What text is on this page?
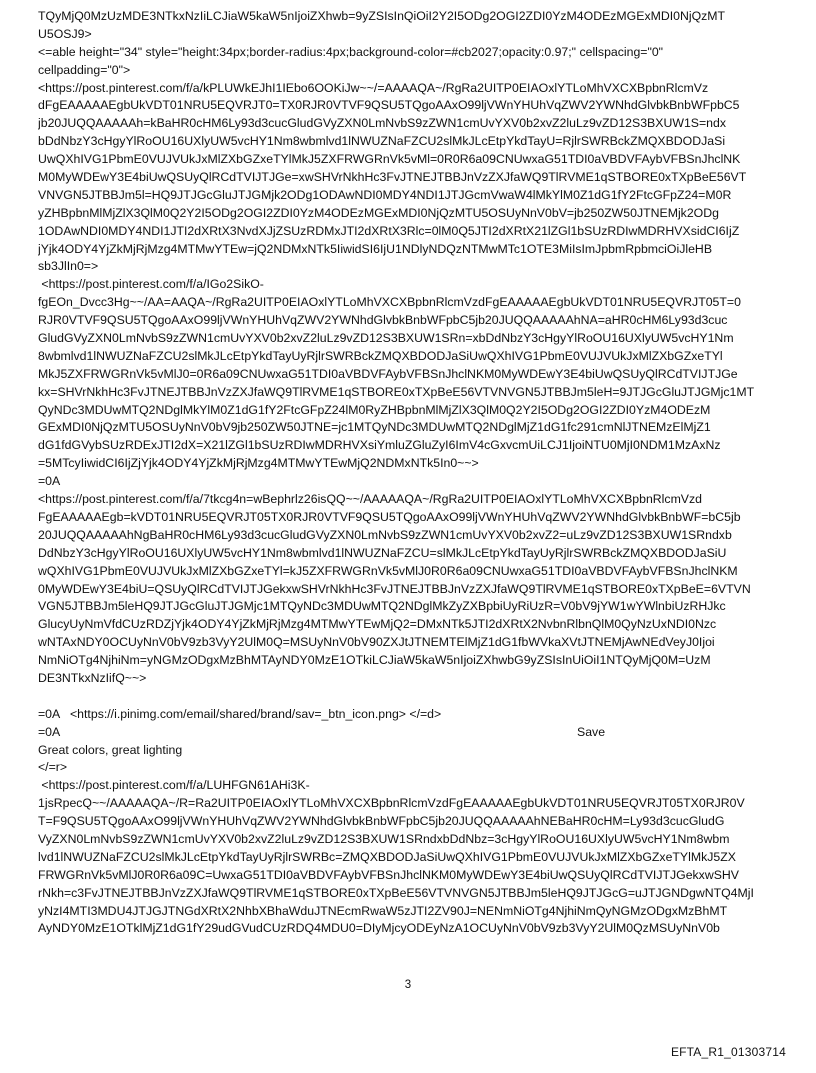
TQyMjQ0MzUzMDE3NTkxNzIiLCJiaW5kaW5nIjoiZXhwb=9yZSIsInQiOiI2Y2I5ODg2OGI2ZDI0YzM4ODEzMGExMDI0NjQzMT
U5OSJ9>
<=able height="34" style="height:34px;border-radius:4px;background-color=#cb2027;opacity:0.97;" cellspacing="0"
cellpadding="0">
<https://post.pinterest.com/f/a/kPLUWkEJhI1IEbo6OOKiJw~~/=AAAAQA~/RgRa2UITP0EIAOxlYTLoMhVXCXBpbnRlcmVz
dFgEAAAAAEgbUkVDT01NRU5EQVRJT0=TX0RJR0VTVF9QSU5TQgoAAxO99ljVWnYHUhVqZWV2YWNhdGlvbkBnbWFpbC5
jb20JUQQAAAAAh=kBaHR0cHM6Ly93d3cucGludGVyZXN0LmNvbS9zZWN1cmUvYXV0b2xvZ2luLz9vZD12S3BXUW1S=ndx
bDdNbzY3cHgyYlRoOU16UXlyUW5vcHY1Nm8wbmlvd1lNWUZNaFZCU2slMkJLcEtpYkdTayU=RjlrSWRBckZMQXBDODJaSi
UwQXhIVG1PbmE0VUJVUkJxMlZXbGZxeTYlMkJ5ZXFRWGRnVk5vMl=0R0R6a09CNUwxaG51TDI0aVBDVFAybVFBSnJhclNK
M0MyWDEwY3E4biUwQSUyQlRCdTVIJTJGe=xwSHVrNkhHc3FvJTNEJTBBJnVzZXJfaWQ9TlRVME1qSTBORE0xTXpBeE56VT
VNVGN5JTBBJm5l=HQ9JTJGcGluJTJGMjk2ODg1ODAwNDI0MDY4NDI1JTJGcmVwaW4lMkYlM0Z1dG1fY2FtcGFpZ24=M0R
yZHBpbnMlMjZlX3QlM0Q2Y2I5ODg2OGI2ZDI0YzM4ODEzMGExMDI0NjQzMTU5OSUyNnV0bV=jb250ZW50JTNEMjk2ODg
1ODAwNDI0MDY4NDI1JTI2dXRtX3NvdXJjZSUzRDMxJTI2dXRtX3Rlc=0lM0Q5JTI2dXRtX21lZGl1bSUzRDIwMDRHVXsidCI6IjZ
jYjk4ODY4YjZkMjRjMzg4MTMwYTEw=jQ2NDMxNTk5IiwidSI6IjU1NDlyNDQzNTMwMTc1OTE3MiIsImJpbmRpbmciOiJleHB
sb3JlIn0=>
<https://post.pinterest.com/f/a/IGo2SikO-
fgEOn_Dvcc3Hg~~/AA=AAQA~/RgRa2UITP0EIAOxlYTLoMhVXCXBpbnRlcmVzdFgEAAAAAEgbUkVDT01NRU5EQVRJT05T=0
RJR0VTVF9QSU5TQgoAAxO99ljVWnYHUhVqZWV2YWNhdGlvbkBnbWFpbC5jb20JUQQAAAAAhNA=aHR0cHM6Ly93d3cuc
GludGVyZXN0LmNvbS9zZWN1cmUvYXV0b2xvZ2luLz9vZD12S3BXUW1SRn=xbDdNbzY3cHgyYlRoOU16UXlyUW5vcHY1Nm
8wbmlvd1lNWUZNaFZCU2slMkJLcEtpYkdTayUyRjlrSWRBckZMQXBDODJaSiUwQXhIVG1PbmE0VUJVUkJxMlZXbGZxeTYl
MkJ5ZXFRWGRnVk5vMlJ0=0R6a09CNUwxaG51TDI0aVBDVFAybVFBSnJhclNKM0MyWDEwY3E4biUwQSUyQlRCdTVIJTJGe
kx=SHVrNkhHc3FvJTNEJTBBJnVzZXJfaWQ9TlRVME1qSTBORE0xTXpBeE56VTVNVGN5JTBBJm5leH=9JTJGcGluJTJGMjc1MT
QyNDc3MDUwMTQ2NDglMkYlM0Z1dG1fY2FtcGFpZ24lM0RyZHBpbnMlMjZlX3QlM0Q2Y2I5ODg2OGI2ZDI0YzM4ODEzM
GExMDI0NjQzMTU5OSUyNnV0bV9jb250ZW50JTNE=jc1MTQyNDc3MDUwMTQ2NDglMjZ1dG1fc291cmNlJTNEMzElMjZ1
dG1fdGVybSUzRDExJTI2dX=X21lZGl1bSUzRDIwMDRHVXsiYmluZGluZyI6ImV4cGxvcmUiLCJ1IjoiNTU0MjI0NDM1MzAxNz
=5MTcyIiwidCI6IjZjYjk4ODY4YjZkMjRjMzg4MTMwYTEwMjQ2NDMxNTk5In0~~>
=0A
<https://post.pinterest.com/f/a/7tkcg4n=wBephrlz26isQQ~~/AAAAAQA~/RgRa2UITP0EIAOxlYTLoMhVXCXBpbnRlcmVzd
FgEAAAAAEgb=kVDT01NRU5EQVRJT05TX0RJR0VTVF9QSU5TQgoAAxO99ljVWnYHUhVqZWV2YWNhdGlvbkBnbWF=bC5jb
20JUQQAAAAAhNgBaHR0cHM6Ly93d3cucGludGVyZXN0LmNvbS9zZWN1cmUvYXV0b2xvZ2=uLz9vZD12S3BXUW1SRndxb
DdNbzY3cHgyYlRoOU16UXlyUW5vcHY1Nm8wbmlvd1lNWUZNaFZCU=slMkJLcEtpYkdTayUyRjlrSWRBckZMQXBDODJaSiU
wQXhIVG1PbmE0VUJVUkJxMlZXbGZxeTYl=kJ5ZXFRWGRnVk5vMlJ0R0R6a09CNUwxaG51TDI0aVBDVFAybVFBSnJhclNKM
0MyWDEwY3E4biU=QSUyQlRCdTVIJTJGekxwSHVrNkhHc3FvJTNEJTBBJnVzZXJfaWQ9TlRVME1qSTBORE0xTXpBeE=6VTVN
VGN5JTBBJm5leHQ9JTJGcGluJTJGMjc1MTQyNDc3MDUwMTQ2NDglMkZyZXBpbiUyRiUzR=V0bV9jYW1wYWlnbiUzRHJkc
GlucyUyNmVfdCUzRDZjYjk4ODY4YjZkMjRjMzg4MTMwYTEwMjQ2=DMxNTk5JTI2dXRtX2NvbnRlbnQlM0QyNzUxNDI0Nzc
wNTAxNDY0OCUyNnV0bV9zb3VyY2UlM0Q=MSUyNnV0bV90ZXJtJTNEMTElMjZ1dG1fbWVkaXVtJTNEMjAwNEdVeyJ0Ijoi
NmNiOTg4NjhiNm=yNGMzODgxMzBhMTAyNDY0MzE1OTkiLCJiaW5kaW5nIjoiZXhwbG9yZSIsInUiOiI1NTQyMjQ0M=UzM
DE3NTkxNzIifQ~~>

<https://i.pinimg.com/email/shared/brand/sav=_btn_icon.png> </=d>

Save

=0A
=0A
Great colors, great lighting
</=r>
<https://post.pinterest.com/f/a/LUHFGN61AHi3K-
1jsRpecQ~~/AAAAAQA~/R=Ra2UITP0EIAOxlYTLoMhVXCXBpbnRlcmVzdFgEAAAAAEgbUkVDT01NRU5EQVRJT05TX0RJR0V
T=F9QSU5TQgoAAxO99ljVWnYHUhVqZWV2YWNhdGlvbkBnbWFpbC5jb20JUQQAAAAAhNEBaHR0cHM=Ly93d3cucGludG
VyZXN0LmNvbS9zZWN1cmUvYXV0b2xvZ2luLz9vZD12S3BXUW1SRndxbDdNbz=3cHgyYlRoOU16UXlyUW5vcHY1Nm8wbm
lvd1lNWUZNaFZCU2slMkJLcEtpYkdTayUyRjlrSWRBc=ZMQXBDODJaSiUwQXhIVG1PbmE0VUJVUkJxMlZXbGZxeTYlMkJ5ZX
FRWGRnVk5vMlJ0R0R6a09C=UwxaG51TDI0aVBDVFAybVFBSnJhclNKM0MyWDEwY3E4biUwQSUyQlRCdTVIJTJGekxwSHV
rNkh=c3FvJTNEJTBBJnVzZXJfaWQ9TlRVME1qSTBORE0xTXpBeE56VTVNVGN5JTBBJm5leHQ9JTJGcG=uJTJGNDgwNTQ4MjI
yNzI4MTI3MDU4JTJGJTNGdXRtX2NhbXBhaWduJTNEcmRwaW5zJTI2ZV90J=NENmNiOTg4NjhiNmQyNGMzODgxMzBhMT
AyNDY0MzE1OTklMjZ1dG1fY29udGVudCUzRDQ4MDU0=DIyMjcyODEyNzA1OCUyNnV0bV9zb3VyY2UlM0QzMSUyNnV0b
3
EFTA_R1_01303714
